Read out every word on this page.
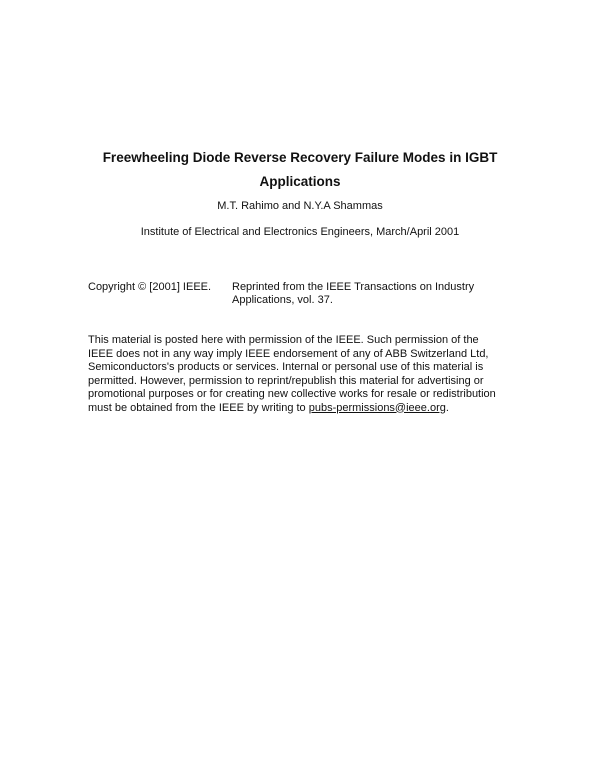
Freewheeling Diode Reverse Recovery Failure Modes in IGBT
Applications
M.T. Rahimo and N.Y.A Shammas
Institute of Electrical and Electronics Engineers, March/April 2001
Copyright © [2001] IEEE. Reprinted from the IEEE Transactions on Industry
Applications, vol. 37.
This material is posted here with permission of the IEEE. Such permission of the
IEEE does not in any way imply IEEE endorsement of any of ABB Switzerland Ltd,
Semiconductors's products or services. Internal or personal use of this material is
permitted. However, permission to reprint/republish this material for advertising or
promotional purposes or for creating new collective works for resale or redistribution
must be obtained from the IEEE by writing to pubs-permissions@ieee.org.
